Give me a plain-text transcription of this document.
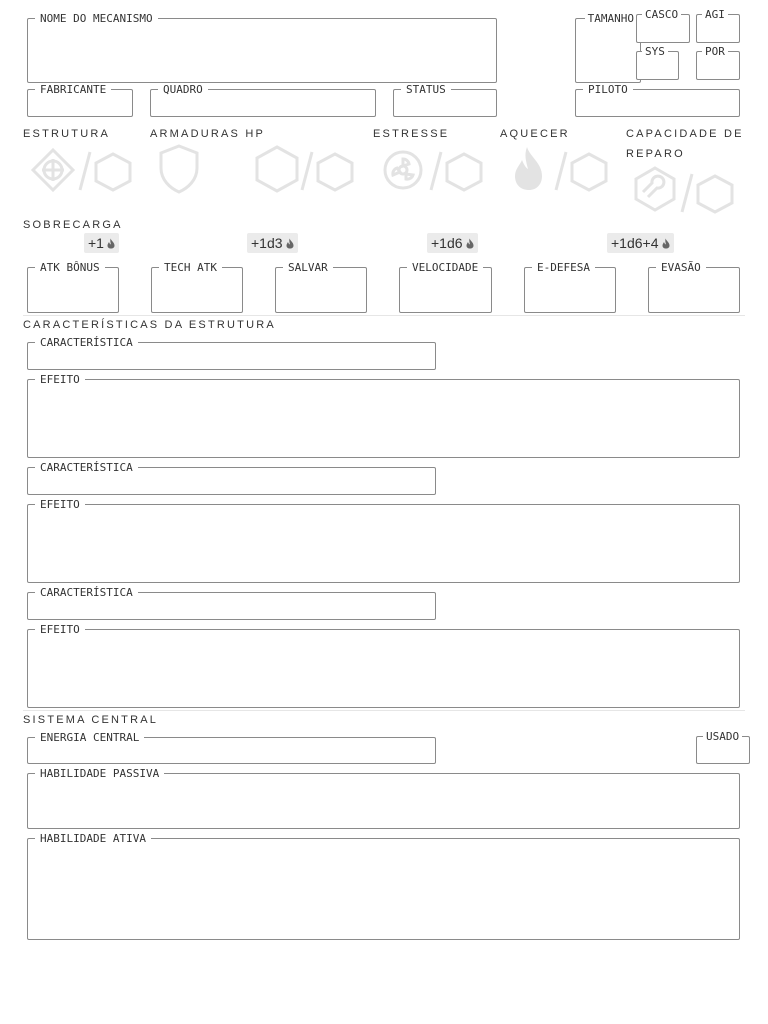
NOME DO MECANISMO	TAMANHO CASCO AGI
SYS	POR
FABRICANTE	QUADRO	STATUS	PILOTO
ESTRUTURA	ARMADURAS HP	ESTRESSE	AQUECER	CAPACIDADE DE
REPARO
SOBRECARGA
+1	+1d3	+1d6	+1d6+4
ATK BÔNUS	TECH ATK	SALVAR	VELOCIDADE	E-DEFESA	EVASÃO
CARACTERÍSTICAS DA ESTRUTURA
CARACTERÍSTICA
EFEITO
CARACTERÍSTICA
EFEITO
CARACTERÍSTICA
EFEITO
SISTEMA CENTRAL
ENERGIA CENTRAL	USADO
HABILIDADE PASSIVA
HABILIDADE ATIVA
